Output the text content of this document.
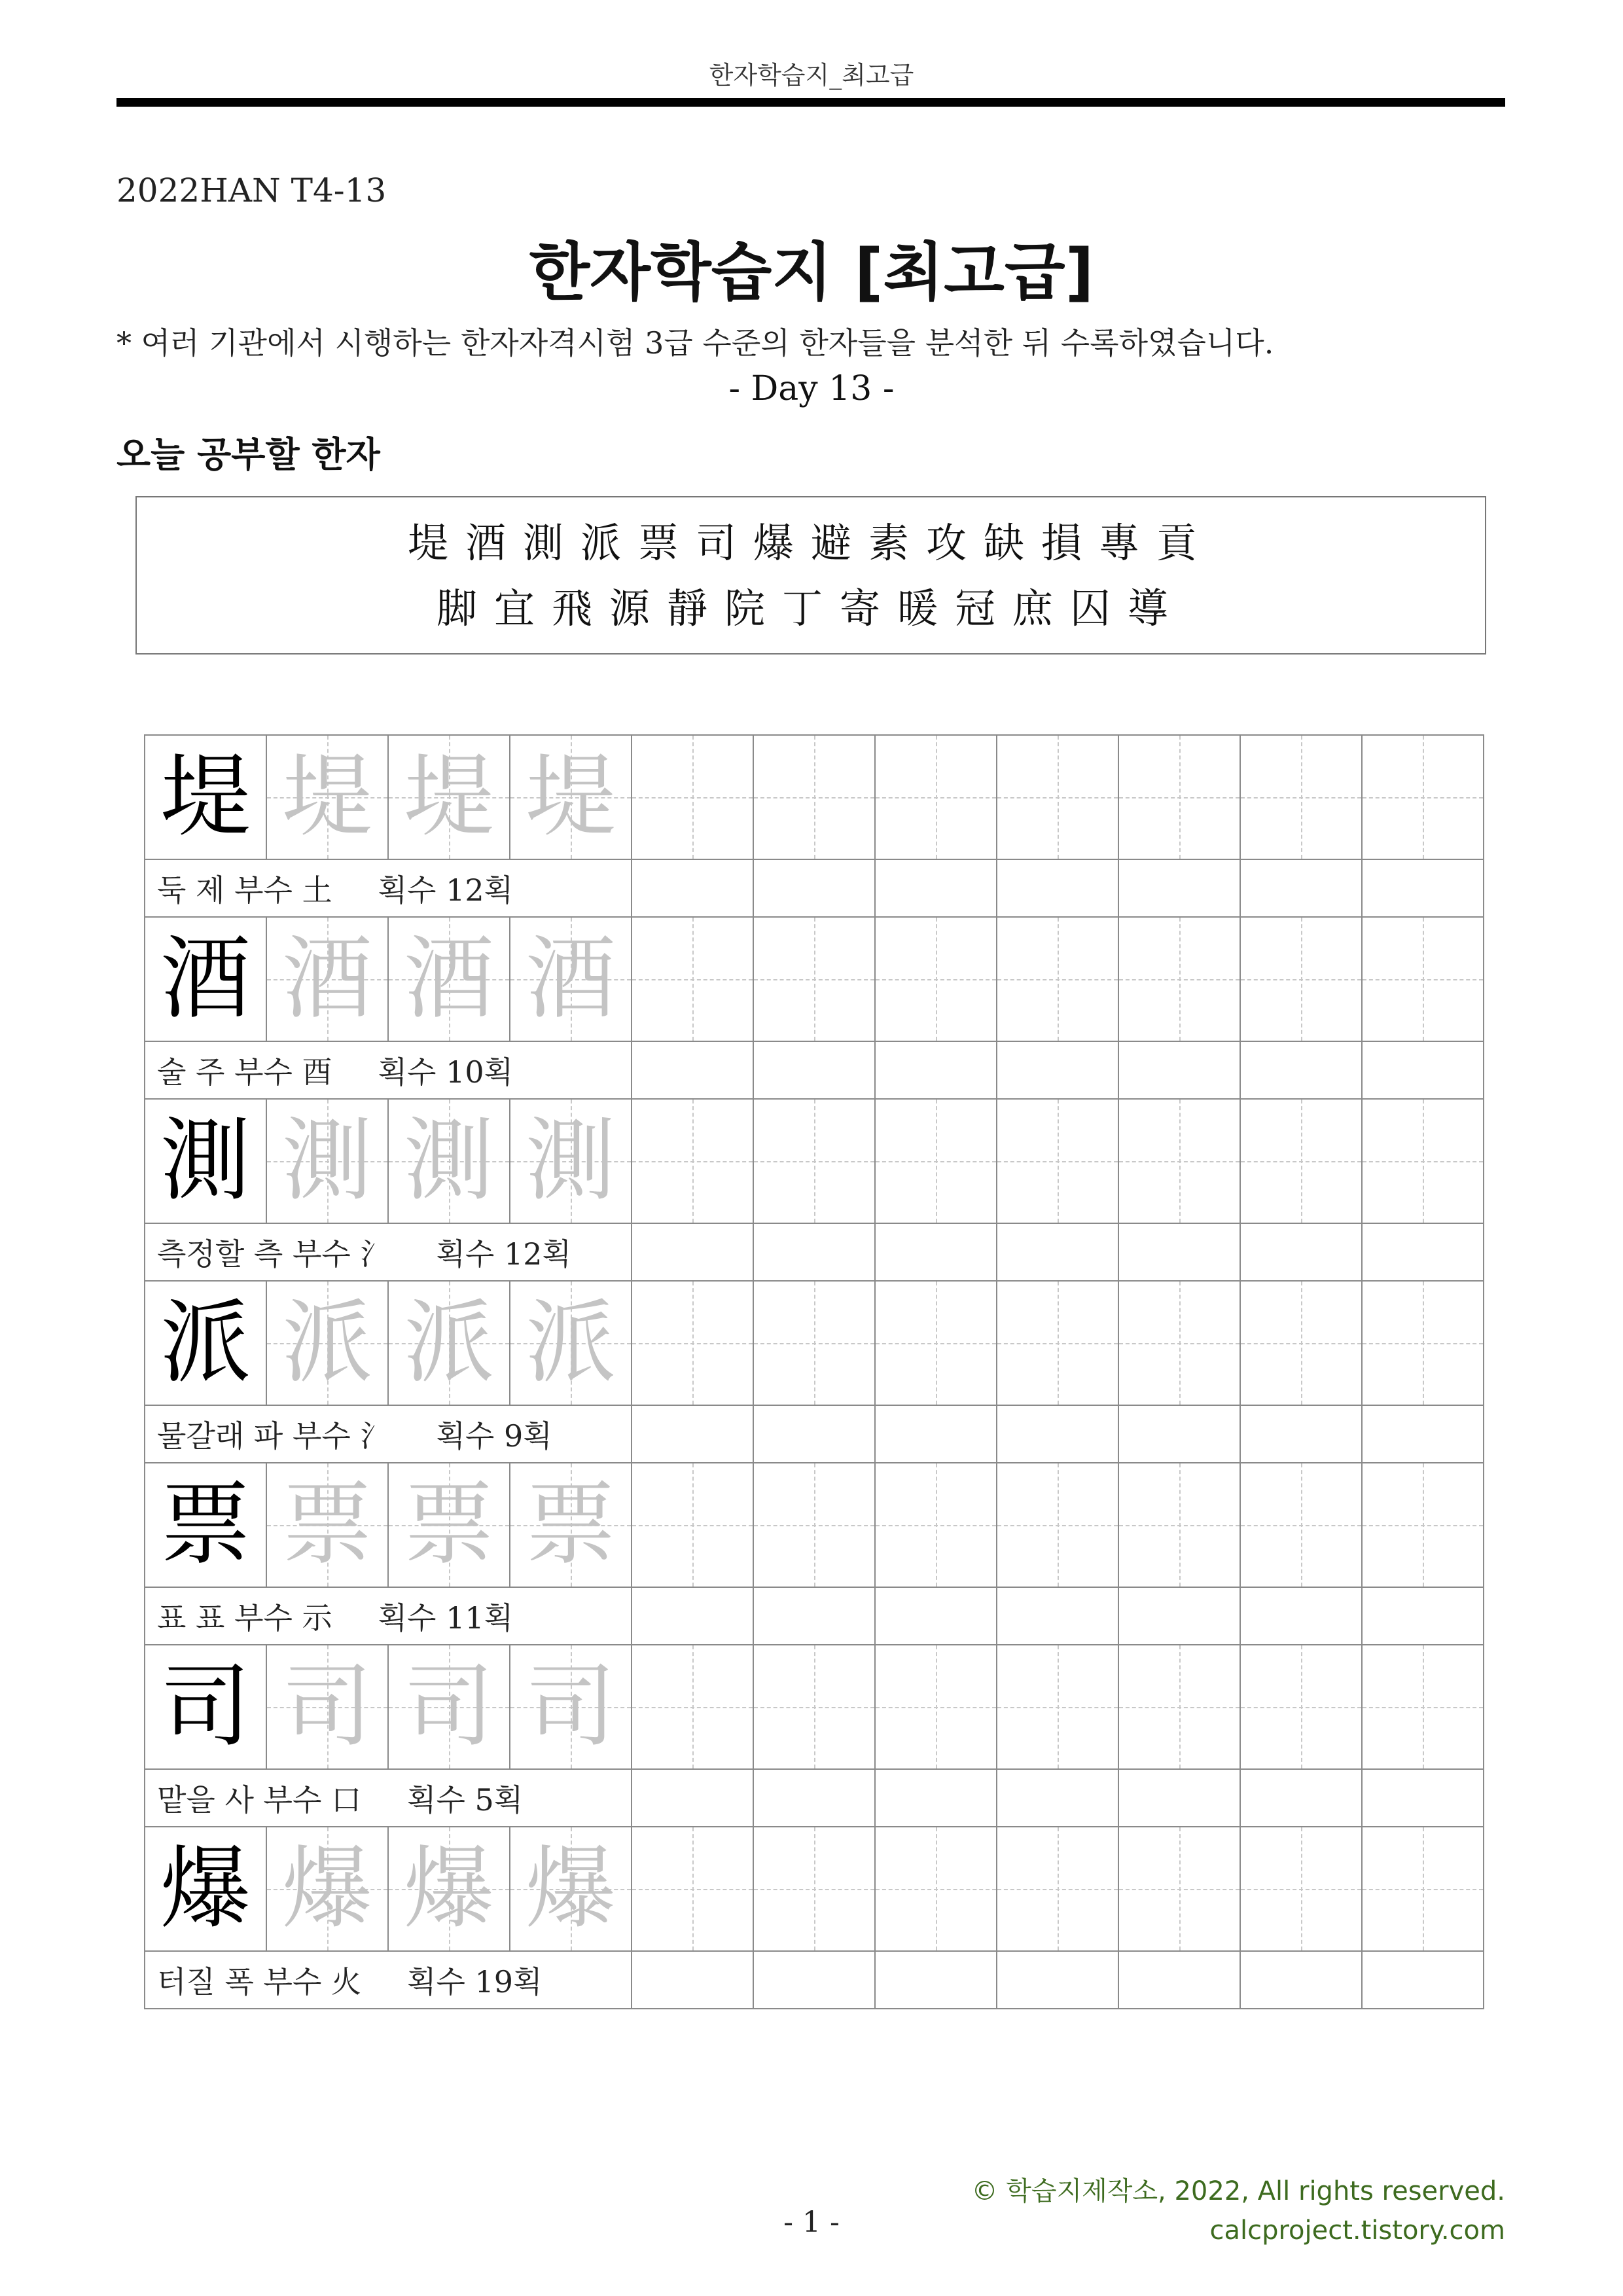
한자학습지_최고급
2022HAN T4-13
한자학습지 [최고급]
* 여러 기관에서 시행하는 한자자격시험 3급 수준의 한자들을 분석한 뒤 수록하였습니다.
- Day 13 -
오늘 공부할 한자
堤酒測派票司爆避素攻缺損專貢
脚宜飛源靜院丁寄暖冠庶囚導
堤	堤	堤	堤	

둑 제 부수 土 획수 12획										
酒	酒	酒	酒	

술 주 부수 酉 획수 10획										
測	測	測	測	

측정할 측 부수 氵 획수 12획										
派	派	派	派	

물갈래 파 부수 氵 획수 9획										
票	票	票	票	

표 표 부수 示 획수 11획										
司	司	司	司	

맡을 사 부수 口 획수 5획										
爆	爆	爆	爆	

터질 폭 부수 火 획수 19획										
- 1 -
© 학습지제작소, 2022, All rights reserved.
calcproject.tistory.com
